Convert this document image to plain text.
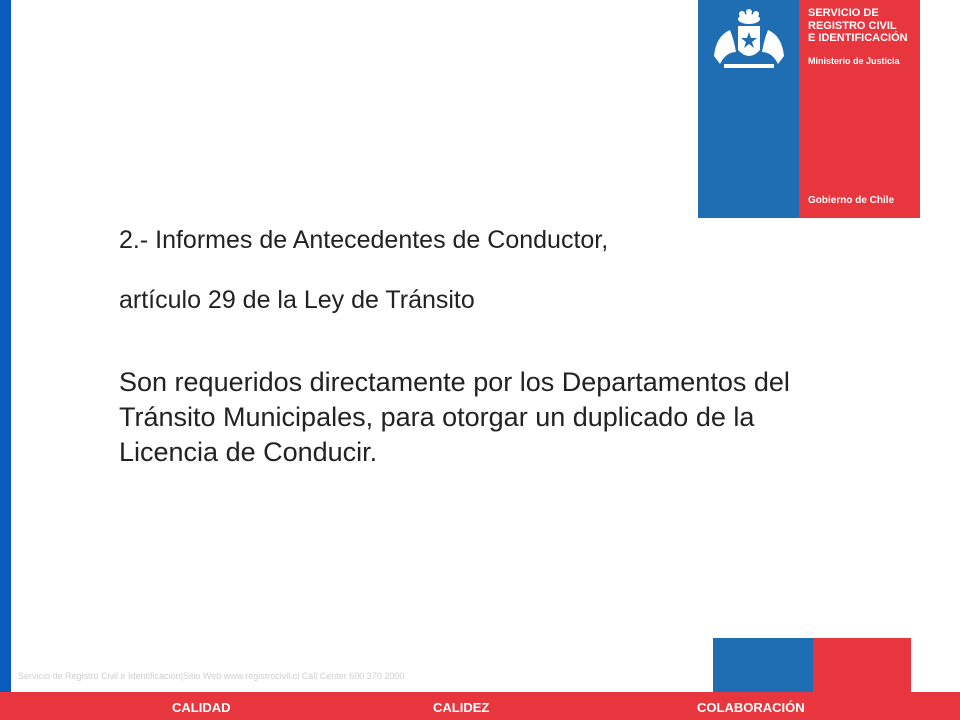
SERVICIO DE
REGISTRO CIVIL
E IDENTIFICACIÓN
Ministerio de Justicia
Gobierno de Chile
2.- Informes de Antecedentes de Conductor,
artículo 29 de la Ley de Tránsito
Son requeridos directamente por los Departamentos del Tránsito Municipales, para otorgar un duplicado de la Licencia de Conducir.
Servicio de Registro Civil e Identificación|Sitio Web www.registrocivil.cl Call Center 600 370 2000
CALIDAD	CALIDEZ	COLABORACIÓN
